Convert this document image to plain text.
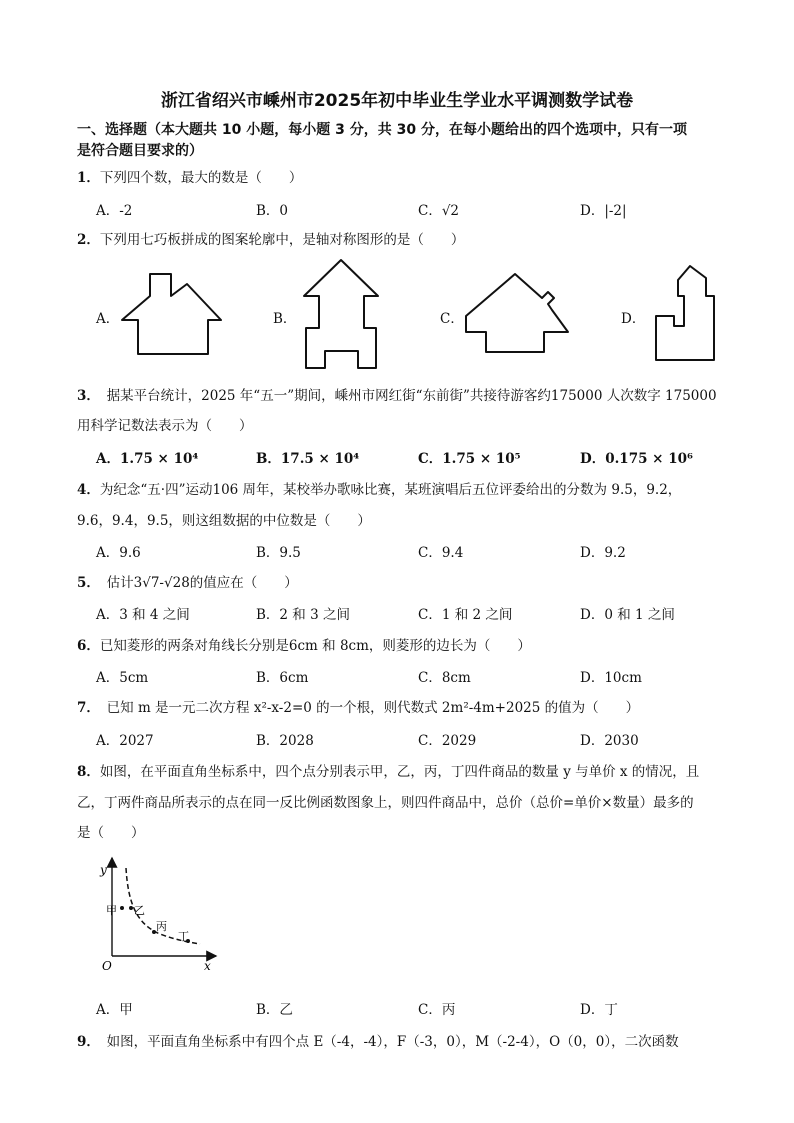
浙江省绍兴市嵊州市2025年初中毕业生学业水平调测数学试卷
一、选择题（本大题共 10 小题，每小题 3 分，共 30 分，在每小题给出的四个选项中，只有一项
是符合题目要求的）
1．下列四个数，最大的数是（　　）
A．-2	B．0	C．√2	D．|-2|
2．下列用七巧板拼成的图案轮廓中，是轴对称图形的是（　　）
A．	B．	C．	D．
3．　据某平台统计，2025 年“五一”期间，嵊州市网红街“东前街”共接待游客约175000 人次数字 175000
用科学记数法表示为（　　）
A．1.75 × 10⁴	B．17.5 × 10⁴	C．1.75 × 10⁵	D．0.175 × 10⁶
4．为纪念“五·四”运动106 周年，某校举办歌咏比赛，某班演唱后五位评委给出的分数为 9.5，9.2，
9.6，9.4，9.5，则这组数据的中位数是（　　）
A．9.6	B．9.5	C．9.4	D．9.2
5．　估计3√7-√28的值应在（　　）
A．3 和 4 之间	B．2 和 3 之间	C．1 和 2 之间	D．0 和 1 之间
6．已知菱形的两条对角线长分别是6cm 和 8cm，则菱形的边长为（　　）
A．5cm	B．6cm	C．8cm	D．10cm
7．　已知 m 是一元二次方程 x²-x-2=0 的一个根，则代数式 2m²-4m+2025 的值为（　　）
A．2027	B．2028	C．2029	D．2030
8．如图，在平面直角坐标系中，四个点分别表示甲，乙，丙，丁四件商品的数量 y 与单价 x 的情况，且
乙，丁两件商品所表示的点在同一反比例函数图象上，则四件商品中，总价（总价=单价×数量）最多的
是（　　）
y
x
O
甲 乙
丙
丁
A．甲	B．乙	C．丙	D．丁
9．　如图，平面直角坐标系中有四个点 E（-4，-4），F（-3，0），M（-2-4），O（0，0），二次函数
